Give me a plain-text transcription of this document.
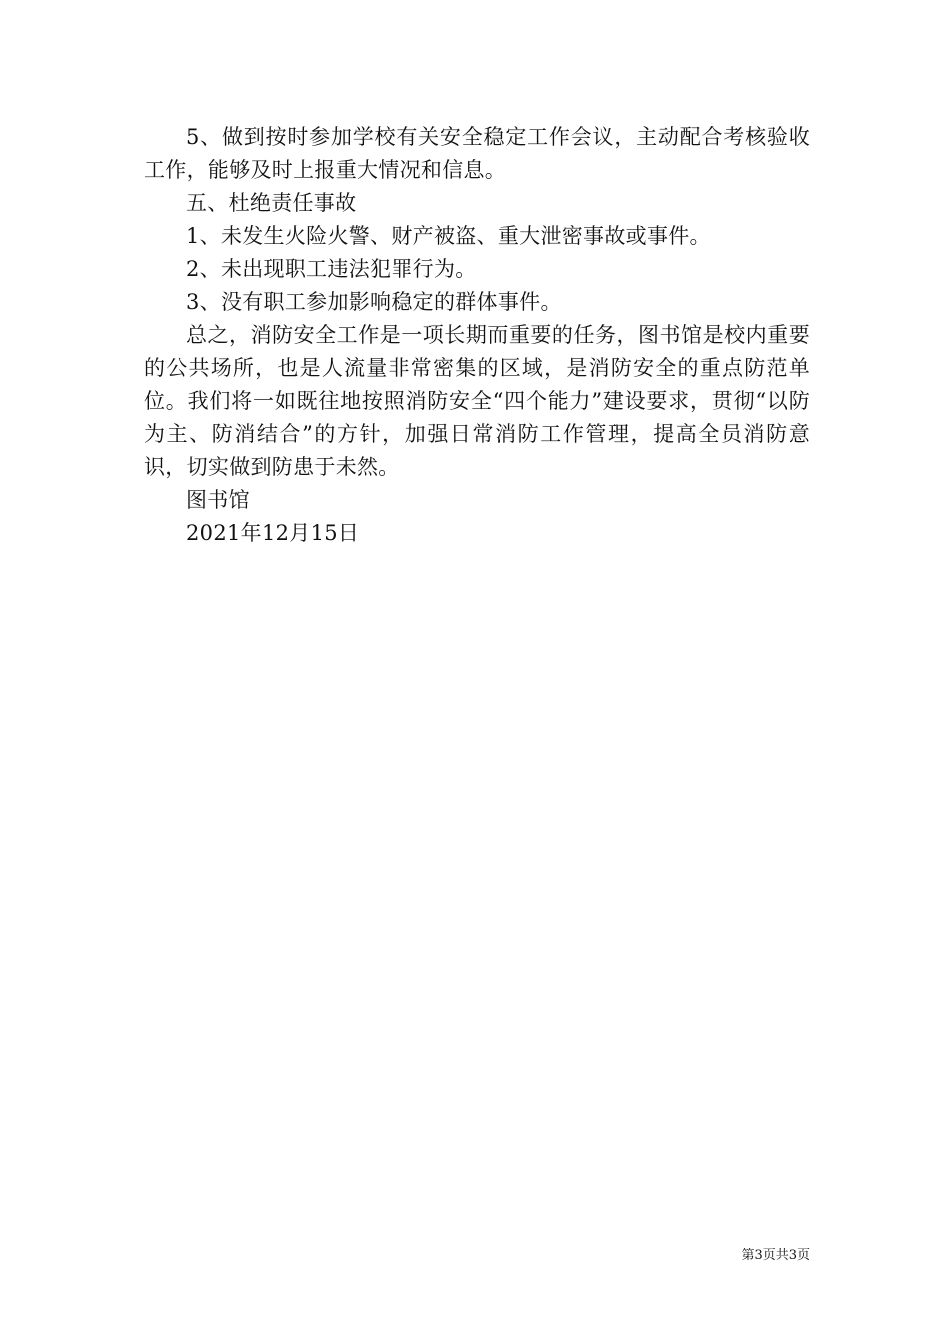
5、做到按时参加学校有关安全稳定工作会议，主动配合考核验收工作，能够及时上报重大情况和信息。

五、杜绝责任事故

1、未发生火险火警、财产被盗、重大泄密事故或事件。

2、未出现职工违法犯罪行为。

3、没有职工参加影响稳定的群体事件。

总之，消防安全工作是一项长期而重要的任务，图书馆是校内重要的公共场所，也是人流量非常密集的区域，是消防安全的重点防范单位。我们将一如既往地按照消防安全“四个能力”建设要求，贯彻“以防为主、防消结合”的方针，加强日常消防工作管理，提高全员消防意识，切实做到防患于未然。

图书馆

2021年12月15日

第3页共3页
